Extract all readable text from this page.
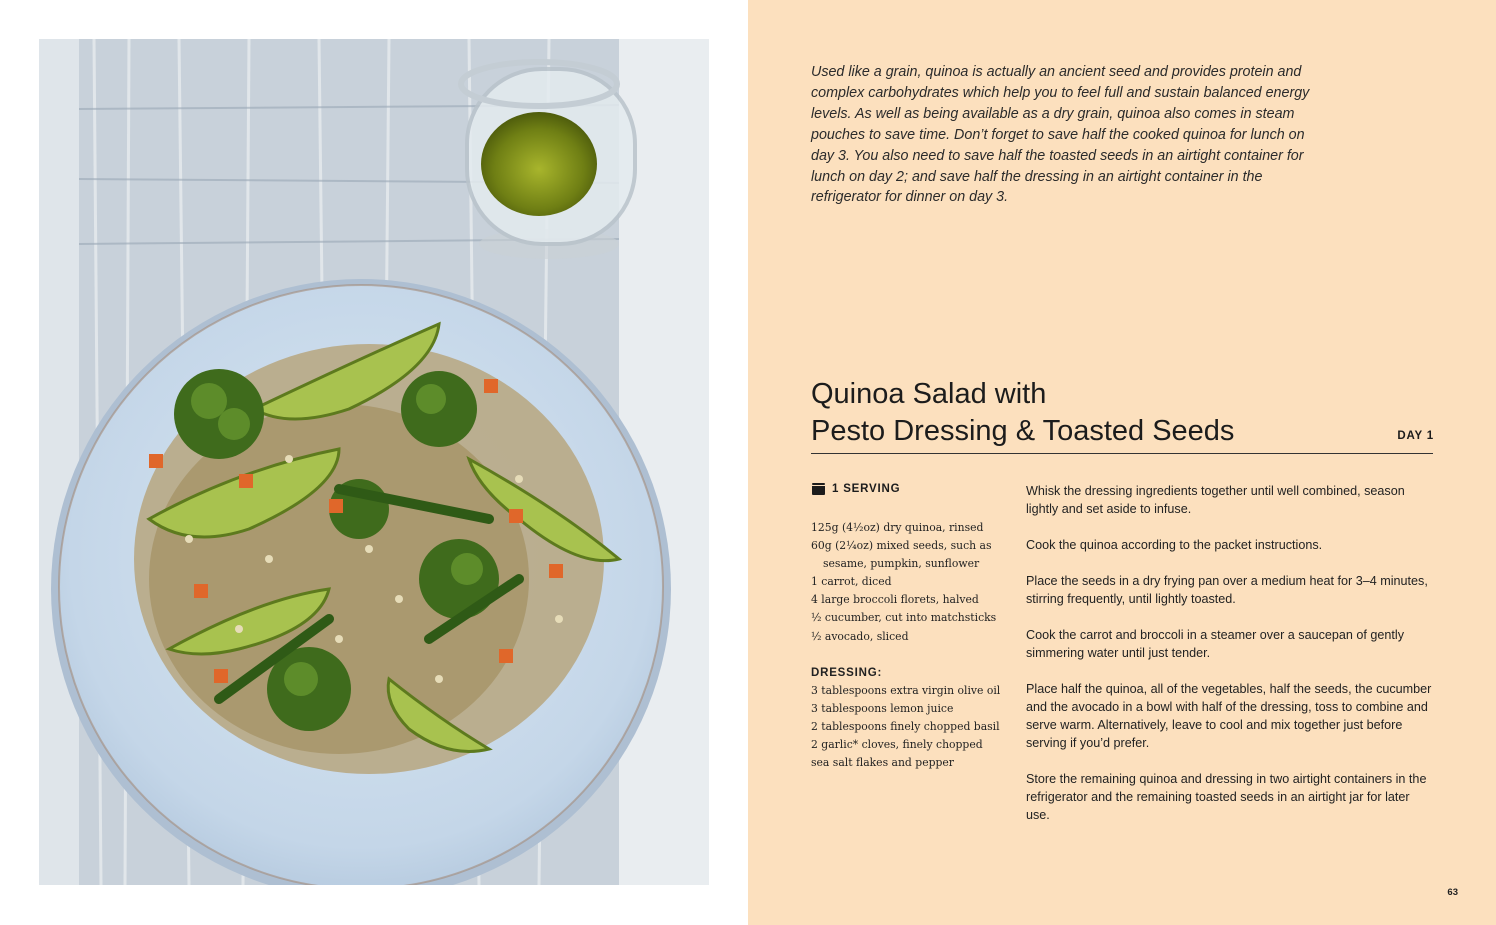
Used like a grain, quinoa is actually an ancient seed and provides protein and complex carbohydrates which help you to feel full and sustain balanced energy levels. As well as being available as a dry grain, quinoa also comes in steam pouches to save time. Don’t forget to save half the cooked quinoa for lunch on day 3. You also need to save half the toasted seeds in an airtight container for lunch on day 2; and save half the dressing in an airtight container in the refrigerator for dinner on day 3.
Quinoa Salad with
Pesto Dressing & Toasted Seeds	DAY 1
1 SERVING
125g (4½oz) dry quinoa, rinsed
60g (2¼oz) mixed seeds, such as
sesame, pumpkin, sunflower
1 carrot, diced
4 large broccoli florets, halved
½ cucumber, cut into matchsticks
½ avocado, sliced
DRESSING:
3 tablespoons extra virgin olive oil
3 tablespoons lemon juice
2 tablespoons finely chopped basil
2 garlic* cloves, finely chopped
sea salt flakes and pepper

Whisk the dressing ingredients together until well combined, season lightly and set aside to infuse.

Cook the quinoa according to the packet instructions.

Place the seeds in a dry frying pan over a medium heat for 3–4 minutes, stirring frequently, until lightly toasted.

Cook the carrot and broccoli in a steamer over a saucepan of gently simmering water until just tender.

Place half the quinoa, all of the vegetables, half the seeds, the cucumber and the avocado in a bowl with half of the dressing, toss to combine and serve warm. Alternatively, leave to cool and mix together just before serving if you’d prefer.

Store the remaining quinoa and dressing in two airtight containers in the refrigerator and the remaining toasted seeds in an airtight jar for later use.

63
